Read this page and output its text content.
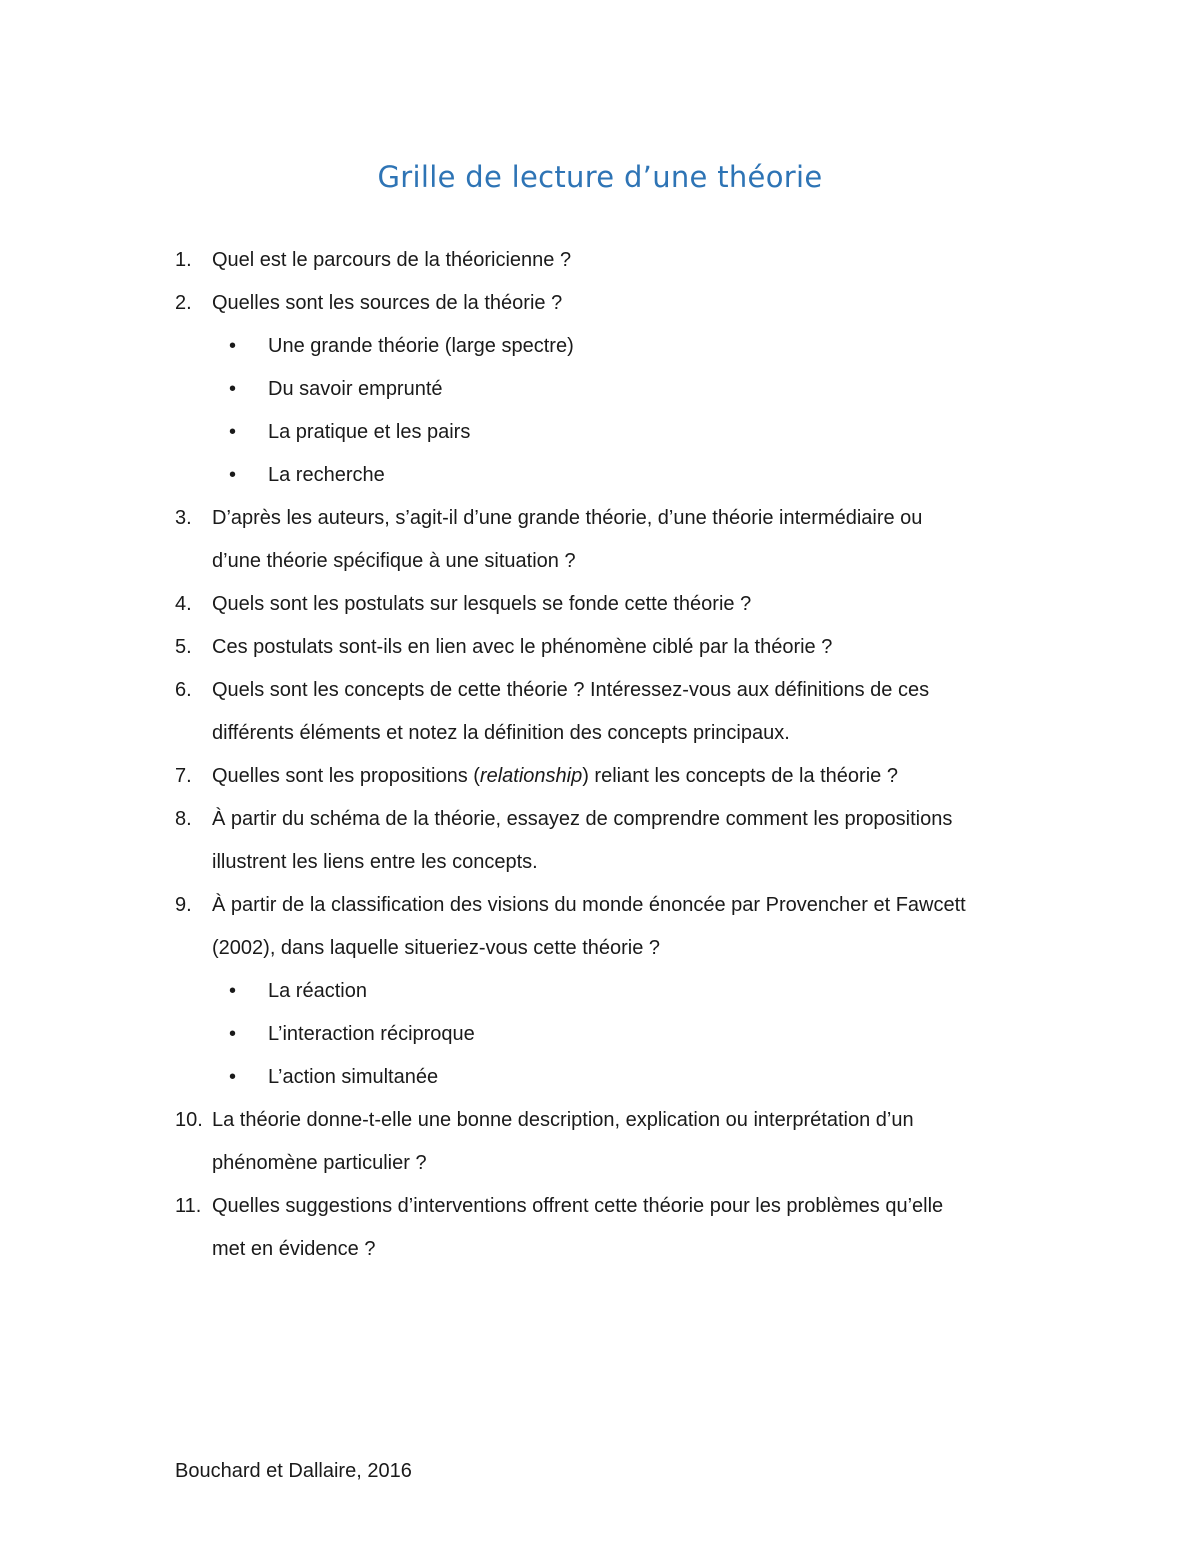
Grille de lecture d’une théorie
1. Quel est le parcours de la théoricienne ?
2. Quelles sont les sources de la théorie ?
• Une grande théorie (large spectre)
• Du savoir emprunté
• La pratique et les pairs
• La recherche
3. D’après les auteurs, s’agit-il d’une grande théorie, d’une théorie intermédiaire ou
d’une théorie spécifique à une situation ?
4. Quels sont les postulats sur lesquels se fonde cette théorie ?
5. Ces postulats sont-ils en lien avec le phénomène ciblé par la théorie ?
6. Quels sont les concepts de cette théorie ? Intéressez-vous aux définitions de ces
différents éléments et notez la définition des concepts principaux.
7. Quelles sont les propositions (relationship) reliant les concepts de la théorie ?
8. À partir du schéma de la théorie, essayez de comprendre comment les propositions
illustrent les liens entre les concepts.
9. À partir de la classification des visions du monde énoncée par Provencher et Fawcett
(2002), dans laquelle situeriez-vous cette théorie ?
• La réaction
• L’interaction réciproque
• L’action simultanée
10. La théorie donne-t-elle une bonne description, explication ou interprétation d’un
phénomène particulier ?
11. Quelles suggestions d’interventions offrent cette théorie pour les problèmes qu’elle
met en évidence ?
Bouchard et Dallaire, 2016
